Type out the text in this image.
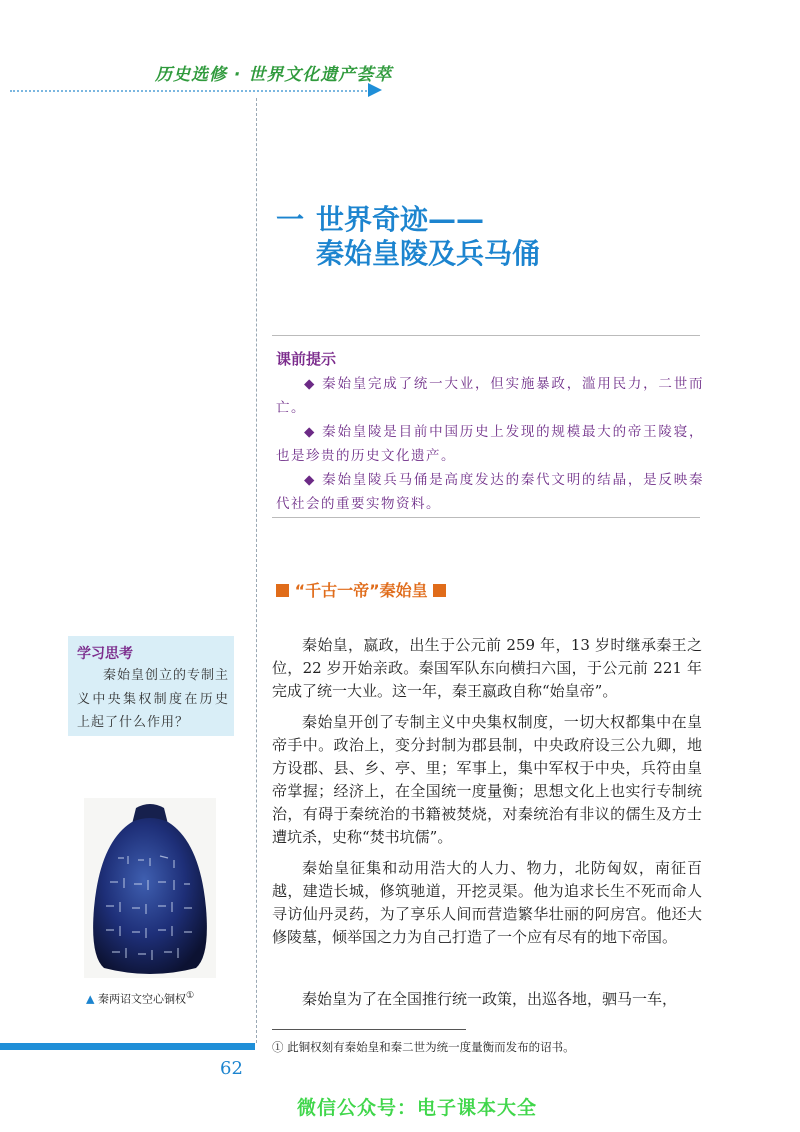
历史选修 · 世界文化遗产荟萃
一 世界奇迹——
秦始皇陵及兵马俑
课前提示
◆ 秦始皇完成了统一大业，但实施暴政，滥用民力，二世而亡。
◆ 秦始皇陵是目前中国历史上发现的规模最大的帝王陵寝，也是珍贵的历史文化遗产。
◆ 秦始皇陵兵马俑是高度发达的秦代文明的结晶，是反映秦代社会的重要实物资料。
“千古一帝”秦始皇
学习思考
秦始皇创立的专制主义中央集权制度在历史上起了什么作用？
秦始皇，嬴政，出生于公元前 259 年，13 岁时继承秦王之位，22 岁开始亲政。秦国军队东向横扫六国，于公元前 221 年完成了统一大业。这一年，秦王嬴政自称“始皇帝”。
秦始皇开创了专制主义中央集权制度，一切大权都集中在皇帝手中。政治上，变分封制为郡县制，中央政府设三公九卿，地方设郡、县、乡、亭、里；军事上，集中军权于中央，兵符由皇帝掌握；经济上，在全国统一度量衡；思想文化上也实行专制统治，有碍于秦统治的书籍被焚烧，对秦统治有非议的儒生及方士遭坑杀，史称“焚书坑儒”。
秦始皇征集和动用浩大的人力、物力，北防匈奴，南征百越，建造长城，修筑驰道，开挖灵渠。他为追求长生不死而命人寻访仙丹灵药，为了享乐人间而营造繁华壮丽的阿房宫。他还大修陵墓，倾举国之力为自己打造了一个应有尽有的地下帝国。
秦始皇为了在全国推行统一政策，出巡各地，驷马一车，
▲ 秦两诏文空心铜权①
① 此铜权刻有秦始皇和秦二世为统一度量衡而发布的诏书。
62
微信公众号：电子课本大全
